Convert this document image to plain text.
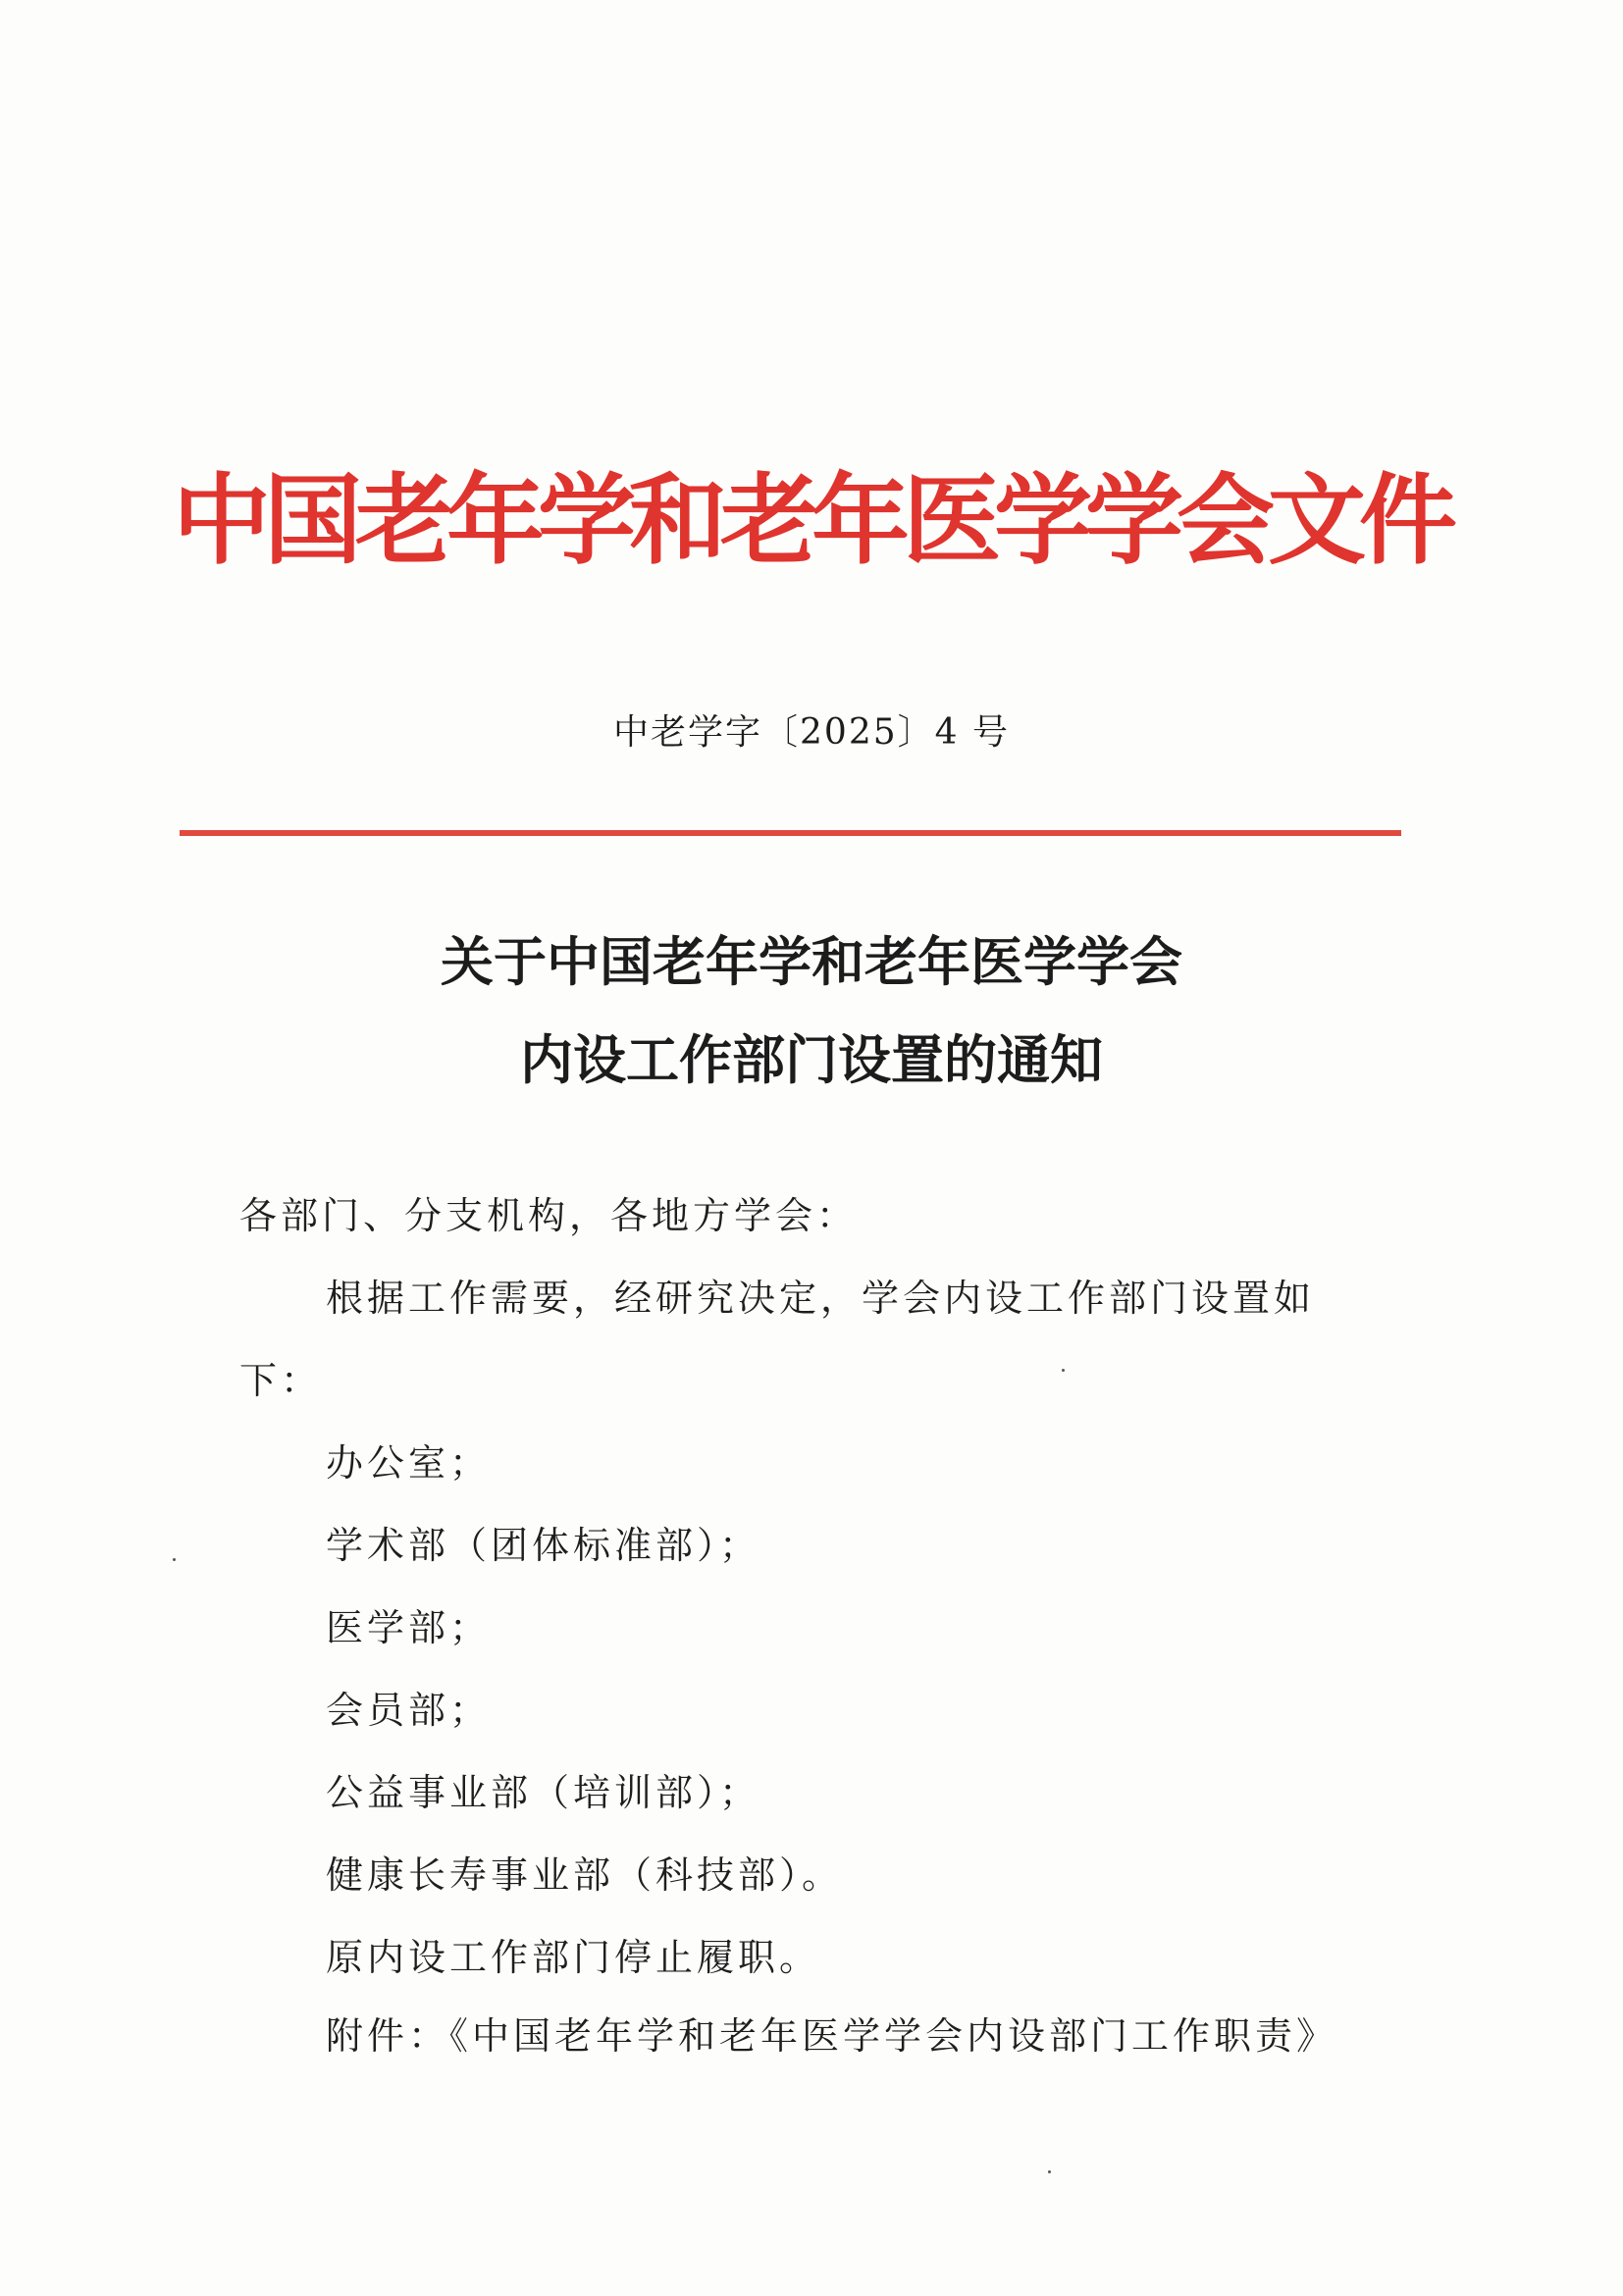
中国老年学和老年医学学会文件
中老学字〔2025〕4 号
关于中国老年学和老年医学学会
内设工作部门设置的通知
各部门、分支机构，各地方学会：
根据工作需要，经研究决定，学会内设工作部门设置如
下：
办公室；
学术部（团体标准部）；
医学部；
会员部；
公益事业部（培训部）；
健康长寿事业部（科技部）。
原内设工作部门停止履职。
附件：《中国老年学和老年医学学会内设部门工作职责》
